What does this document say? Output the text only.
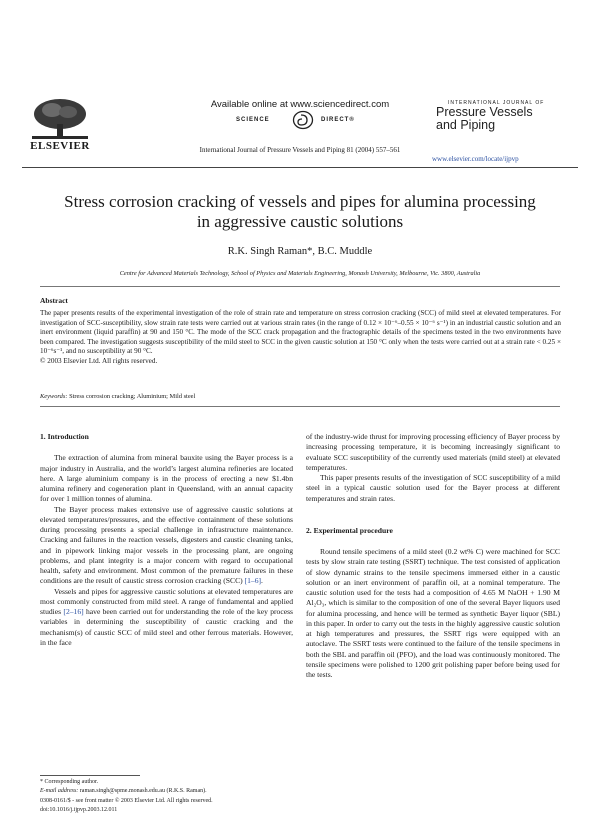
ELSEVIER
Available online at www.sciencedirect.com
SCIENCE	DIRECT®
International Journal of Pressure Vessels and Piping 81 (2004) 557–561
INTERNATIONAL JOURNAL OF
Pressure Vessels
and Piping
www.elsevier.com/locate/ijpvp
Stress corrosion cracking of vessels and pipes for alumina processing
in aggressive caustic solutions
R.K. Singh Raman*, B.C. Muddle
Centre for Advanced Materials Technology, School of Physics and Materials Engineering, Monash University, Melbourne, Vic. 3800, Australia
Abstract

The paper presents results of the experimental investigation of the role of strain rate and temperature on stress corrosion cracking (SCC) of mild steel at elevated temperatures. For investigation of SCC-susceptibility, slow strain rate tests were carried out at various strain rates (in the range of 0.12 × 10⁻⁶–0.55 × 10⁻⁶ s⁻¹) in an industrial caustic solution and an inert environment (liquid paraffin) at 90 and 150 °C. The mode of the SCC crack propagation and the fractographic details of the specimens tested in the two environments have been compared. The investigation suggests susceptibility of the mild steel to SCC in the given caustic solution at 150 °C only when the tests were carried out at a strain rate < 0.25 × 10⁻⁶s⁻¹, and no susceptibility at 90 °C.

© 2003 Elsevier Ltd. All rights reserved.

Keywords: Stress corrosion cracking; Aluminium; Mild steel
1. Introduction

The extraction of alumina from mineral bauxite using the Bayer process is a major industry in Australia, and the world’s largest alumina refineries are located here. A large aluminium company is in the process of erecting a new $1.4bn alumina refinery and cogeneration plant in Queensland, with an annual capacity for over 1 million tonnes of alumina.

The Bayer process makes extensive use of aggressive caustic solutions at elevated temperatures/pressures, and the effective containment of these solutions during processing presents a special challenge in infrastructure maintenance. Cracking and failures in the reaction vessels, digesters and caustic cleaning tanks, and in pipework linking major vessels in the processing plant, are ongoing problems, and plant integrity is a major concern with regard to occupational health, safety and environment. Most common of the premature failures in these conditions are the result of caustic stress corrosion cracking (SCC) [1–6].

Vessels and pipes for aggressive caustic solutions at elevated temperatures are most commonly constructed from mild steel. A range of fundamental and applied studies [2–16] have been carried out for understanding the role of the key process variables in determining the susceptibility of caustic cracking and the mechanism(s) of caustic SCC of mild steel and other ferrous materials. However, in the face

of the industry-wide thrust for improving processing efficiency of Bayer process by increasing processing temperature, it is becoming increasingly significant to evaluate SCC susceptibility of the currently used materials (mild steel) at elevated temperatures.

This paper presents results of the investigation of SCC susceptibility of a mild steel in a typical caustic solution used for the Bayer process at different temperatures and strain rates.

2. Experimental procedure

Round tensile specimens of a mild steel (0.2 wt% C) were machined for SCC tests by slow strain rate testing (SSRT) technique. The test consisted of application of slow dynamic strains to the tensile specimens immersed either in a caustic solution or an inert environment of paraffin oil, at a nominal temperature. The caustic solution used for the tests had a composition of 4.65 M NaOH + 1.90 M Al₂O₃, which is similar to the composition of one of the several Bayer liquors used for alumina processing, and hence will be termed as synthetic Bayer liquor (SBL) in this paper. In order to carry out the tests in the highly aggressive caustic solution at high temperatures and pressures, the SSRT rigs were equipped with an autoclave. The SSRT tests were continued to the failure of the tensile specimens in both the SBL and paraffin oil (PFO), and the load was continuously monitored. The tensile specimens were polished to 1200 grit polishing paper before being used for the tests.

* Corresponding author.
E-mail address: raman.singh@spme.monash.edu.au (R.K.S. Raman).
0308-0161/$ - see front matter © 2003 Elsevier Ltd. All rights reserved.
doi:10.1016/j.ijpvp.2003.12.011
